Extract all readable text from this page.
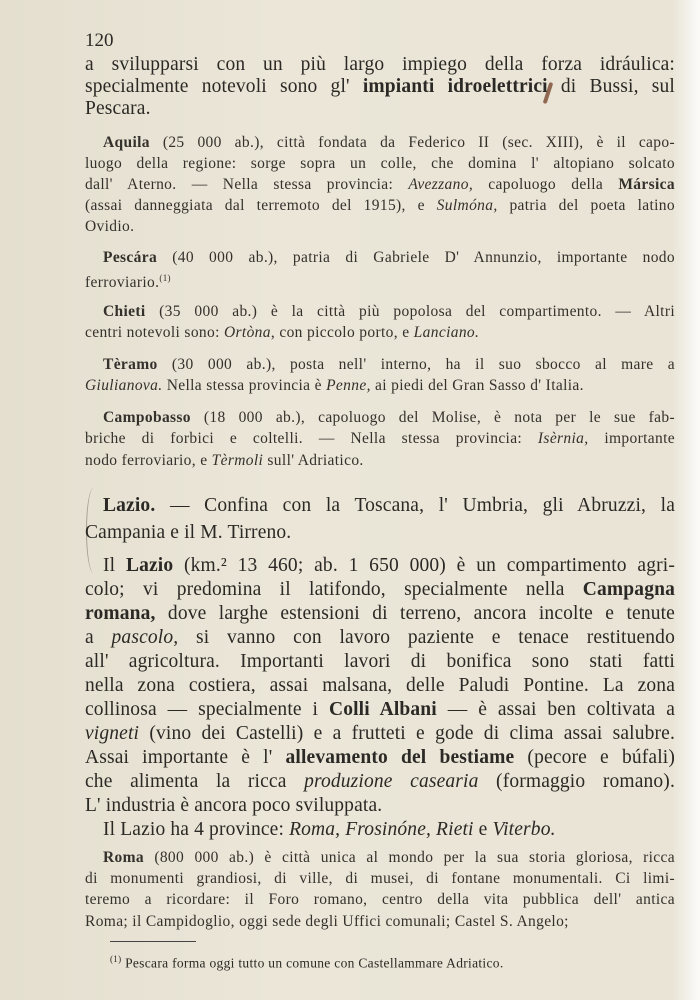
120
a svilupparsi con un più largo impiego della forza idráulica:
specialmente notevoli sono gl' impianti idroelettrici di Bussi, sul
Pescara.
Aquila (25 000 ab.), città fondata da Federico II (sec. XIII), è il capo-
luogo della regione: sorge sopra un colle, che domina l' altopiano solcato
dall' Aterno. — Nella stessa provincia: Avezzano, capoluogo della Mársica
(assai danneggiata dal terremoto del 1915), e Sulmóna, patria del poeta latino
Ovidio.
Pescára (40 000 ab.), patria di Gabriele D' Annunzio, importante nodo
ferroviario.$^{(1)}$
Chieti (35 000 ab.) è la città più popolosa del compartimento. — Altri
centri notevoli sono: Ortòna, con piccolo porto, e Lanciano.
Tèramo (30 000 ab.), posta nell' interno, ha il suo sbocco al mare a
Giulianova. Nella stessa provincia è Penne, ai piedi del Gran Sasso d' Italia.
Campobasso (18 000 ab.), capoluogo del Molise, è nota per le sue fab-
briche di forbici e coltelli. — Nella stessa provincia: Isèrnia, importante
nodo ferroviario, e Tèrmoli sull' Adriatico.
Lazio. — Confina con la Toscana, l' Umbria, gli Abruzzi, la
Campania e il M. Tirreno.
Il Lazio (km.² 13 460; ab. 1 650 000) è un compartimento agri-
colo; vi predomina il latifondo, specialmente nella Campagna
romana, dove larghe estensioni di terreno, ancora incolte e tenute
a pascolo, si vanno con lavoro paziente e tenace restituendo
all' agricoltura. Importanti lavori di bonifica sono stati fatti
nella zona costiera, assai malsana, delle Paludi Pontine. La zona
collinosa — specialmente i Colli Albani — è assai ben coltivata a
vigneti (vino dei Castelli) e a frutteti e gode di clima assai salubre.
Assai importante è l' allevamento del bestiame (pecore e búfali)
che alimenta la ricca produzione casearia (formaggio romano).
L' industria è ancora poco sviluppata.
Il Lazio ha 4 province: Roma, Frosinóne, Rieti e Viterbo.
Roma (800 000 ab.) è città unica al mondo per la sua storia gloriosa, ricca
di monumenti grandiosi, di ville, di musei, di fontane monumentali. Ci limi-
teremo a ricordare: il Foro romano, centro della vita pubblica dell' antica
Roma; il Campidoglio, oggi sede degli Uffici comunali; Castel S. Angelo;
$^{(1)}$ Pescara forma oggi tutto un comune con Castellammare Adriatico.
